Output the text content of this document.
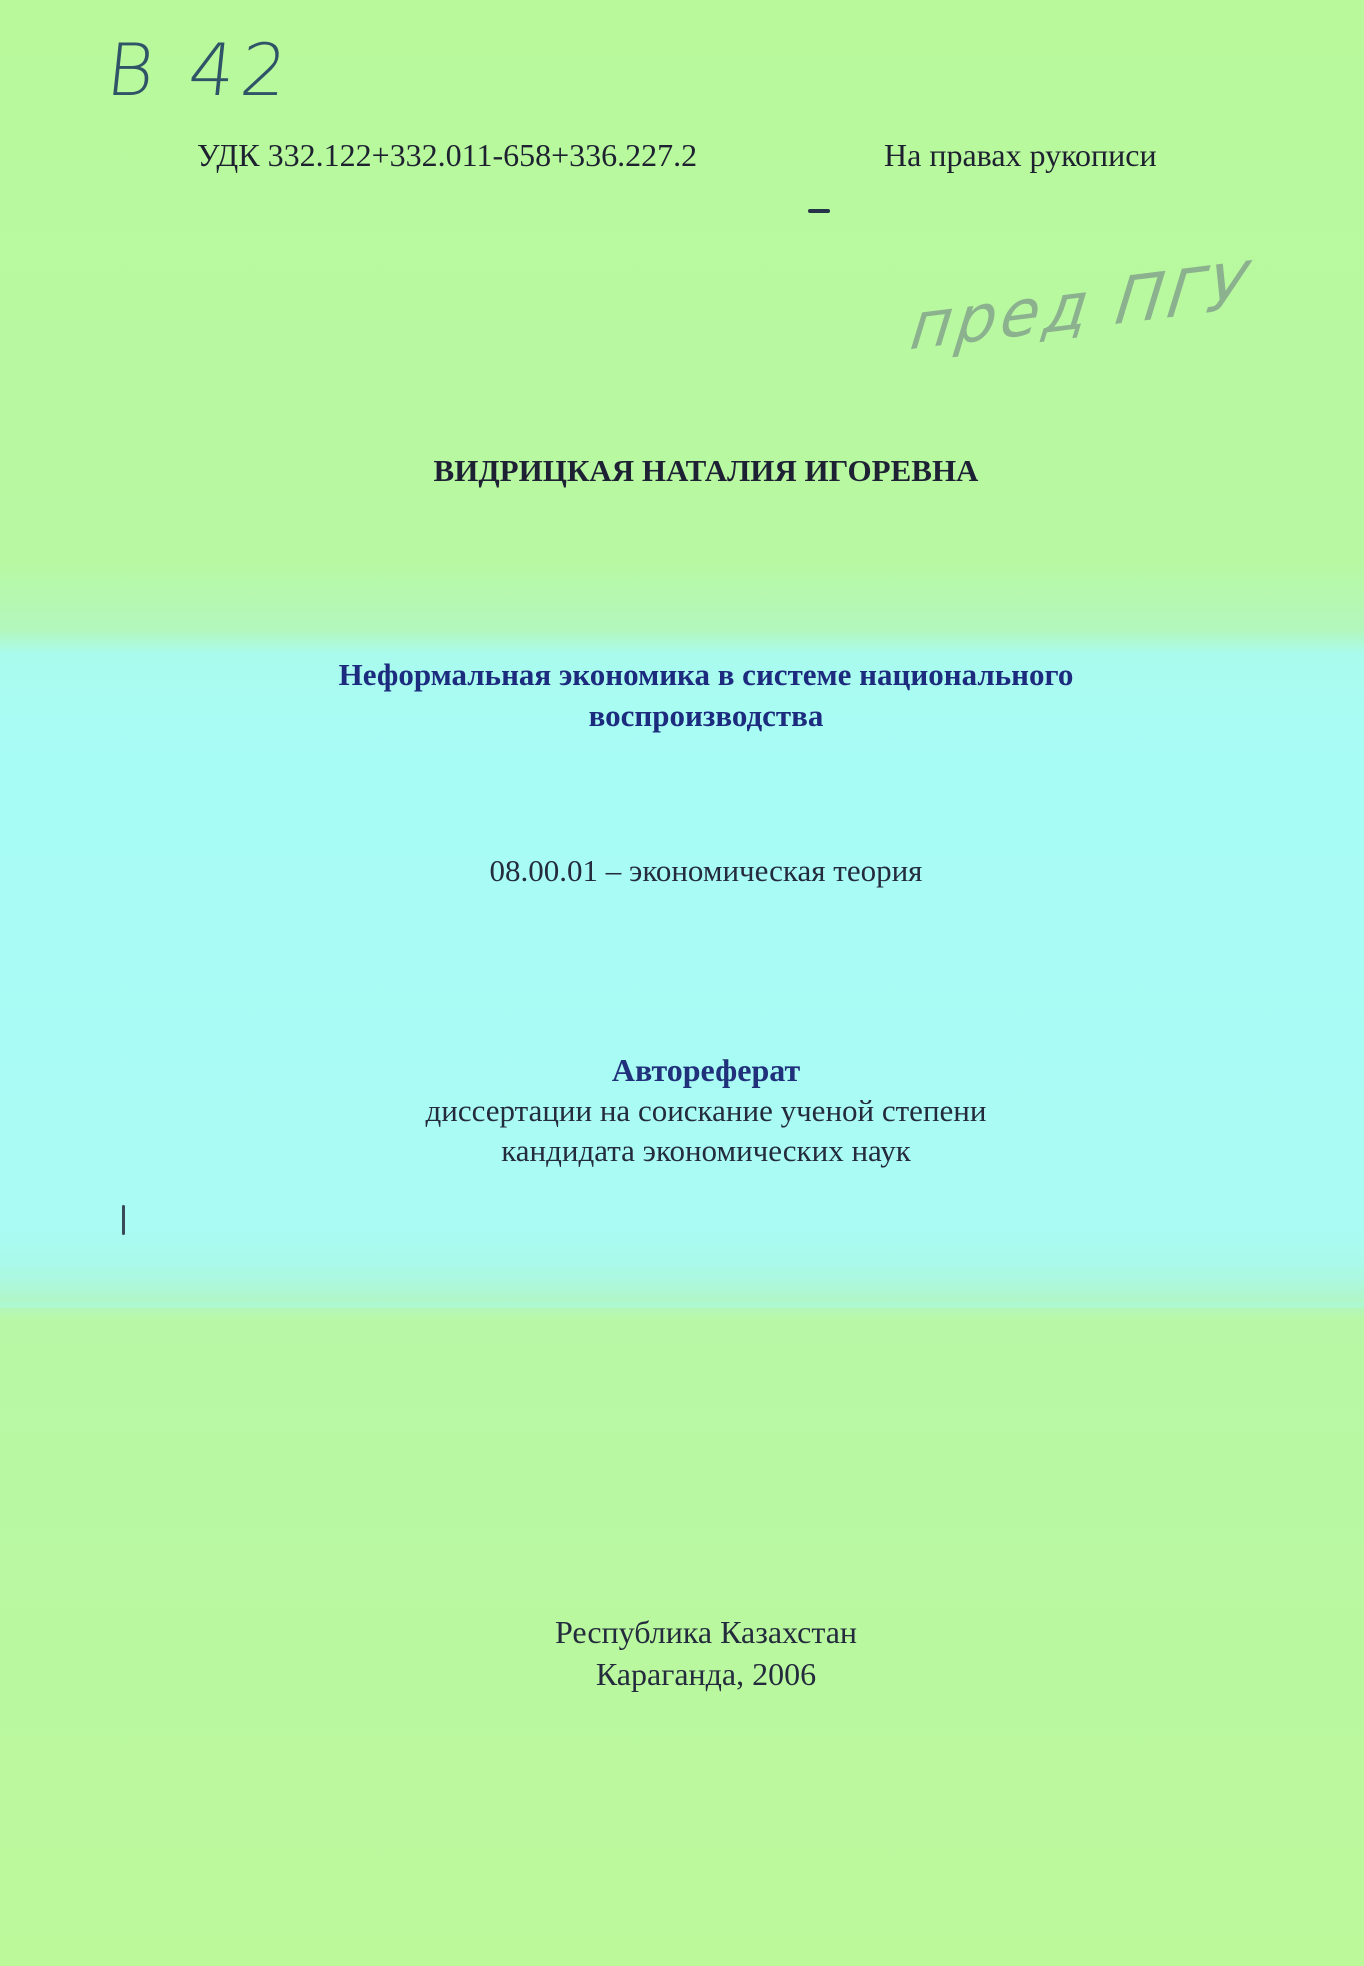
B 42

УДК 332.122+332.011-658+336.227.2	На правах рукописи

пред ПГУ

ВИДРИЦКАЯ НАТАЛИЯ ИГОРЕВНА

Неформальная экономика в системе национального
воспроизводства

08.00.01 – экономическая теория

Автореферат

диссертации на соискание ученой степени

кандидата экономических наук

Республика Казахстан

Караганда, 2006
